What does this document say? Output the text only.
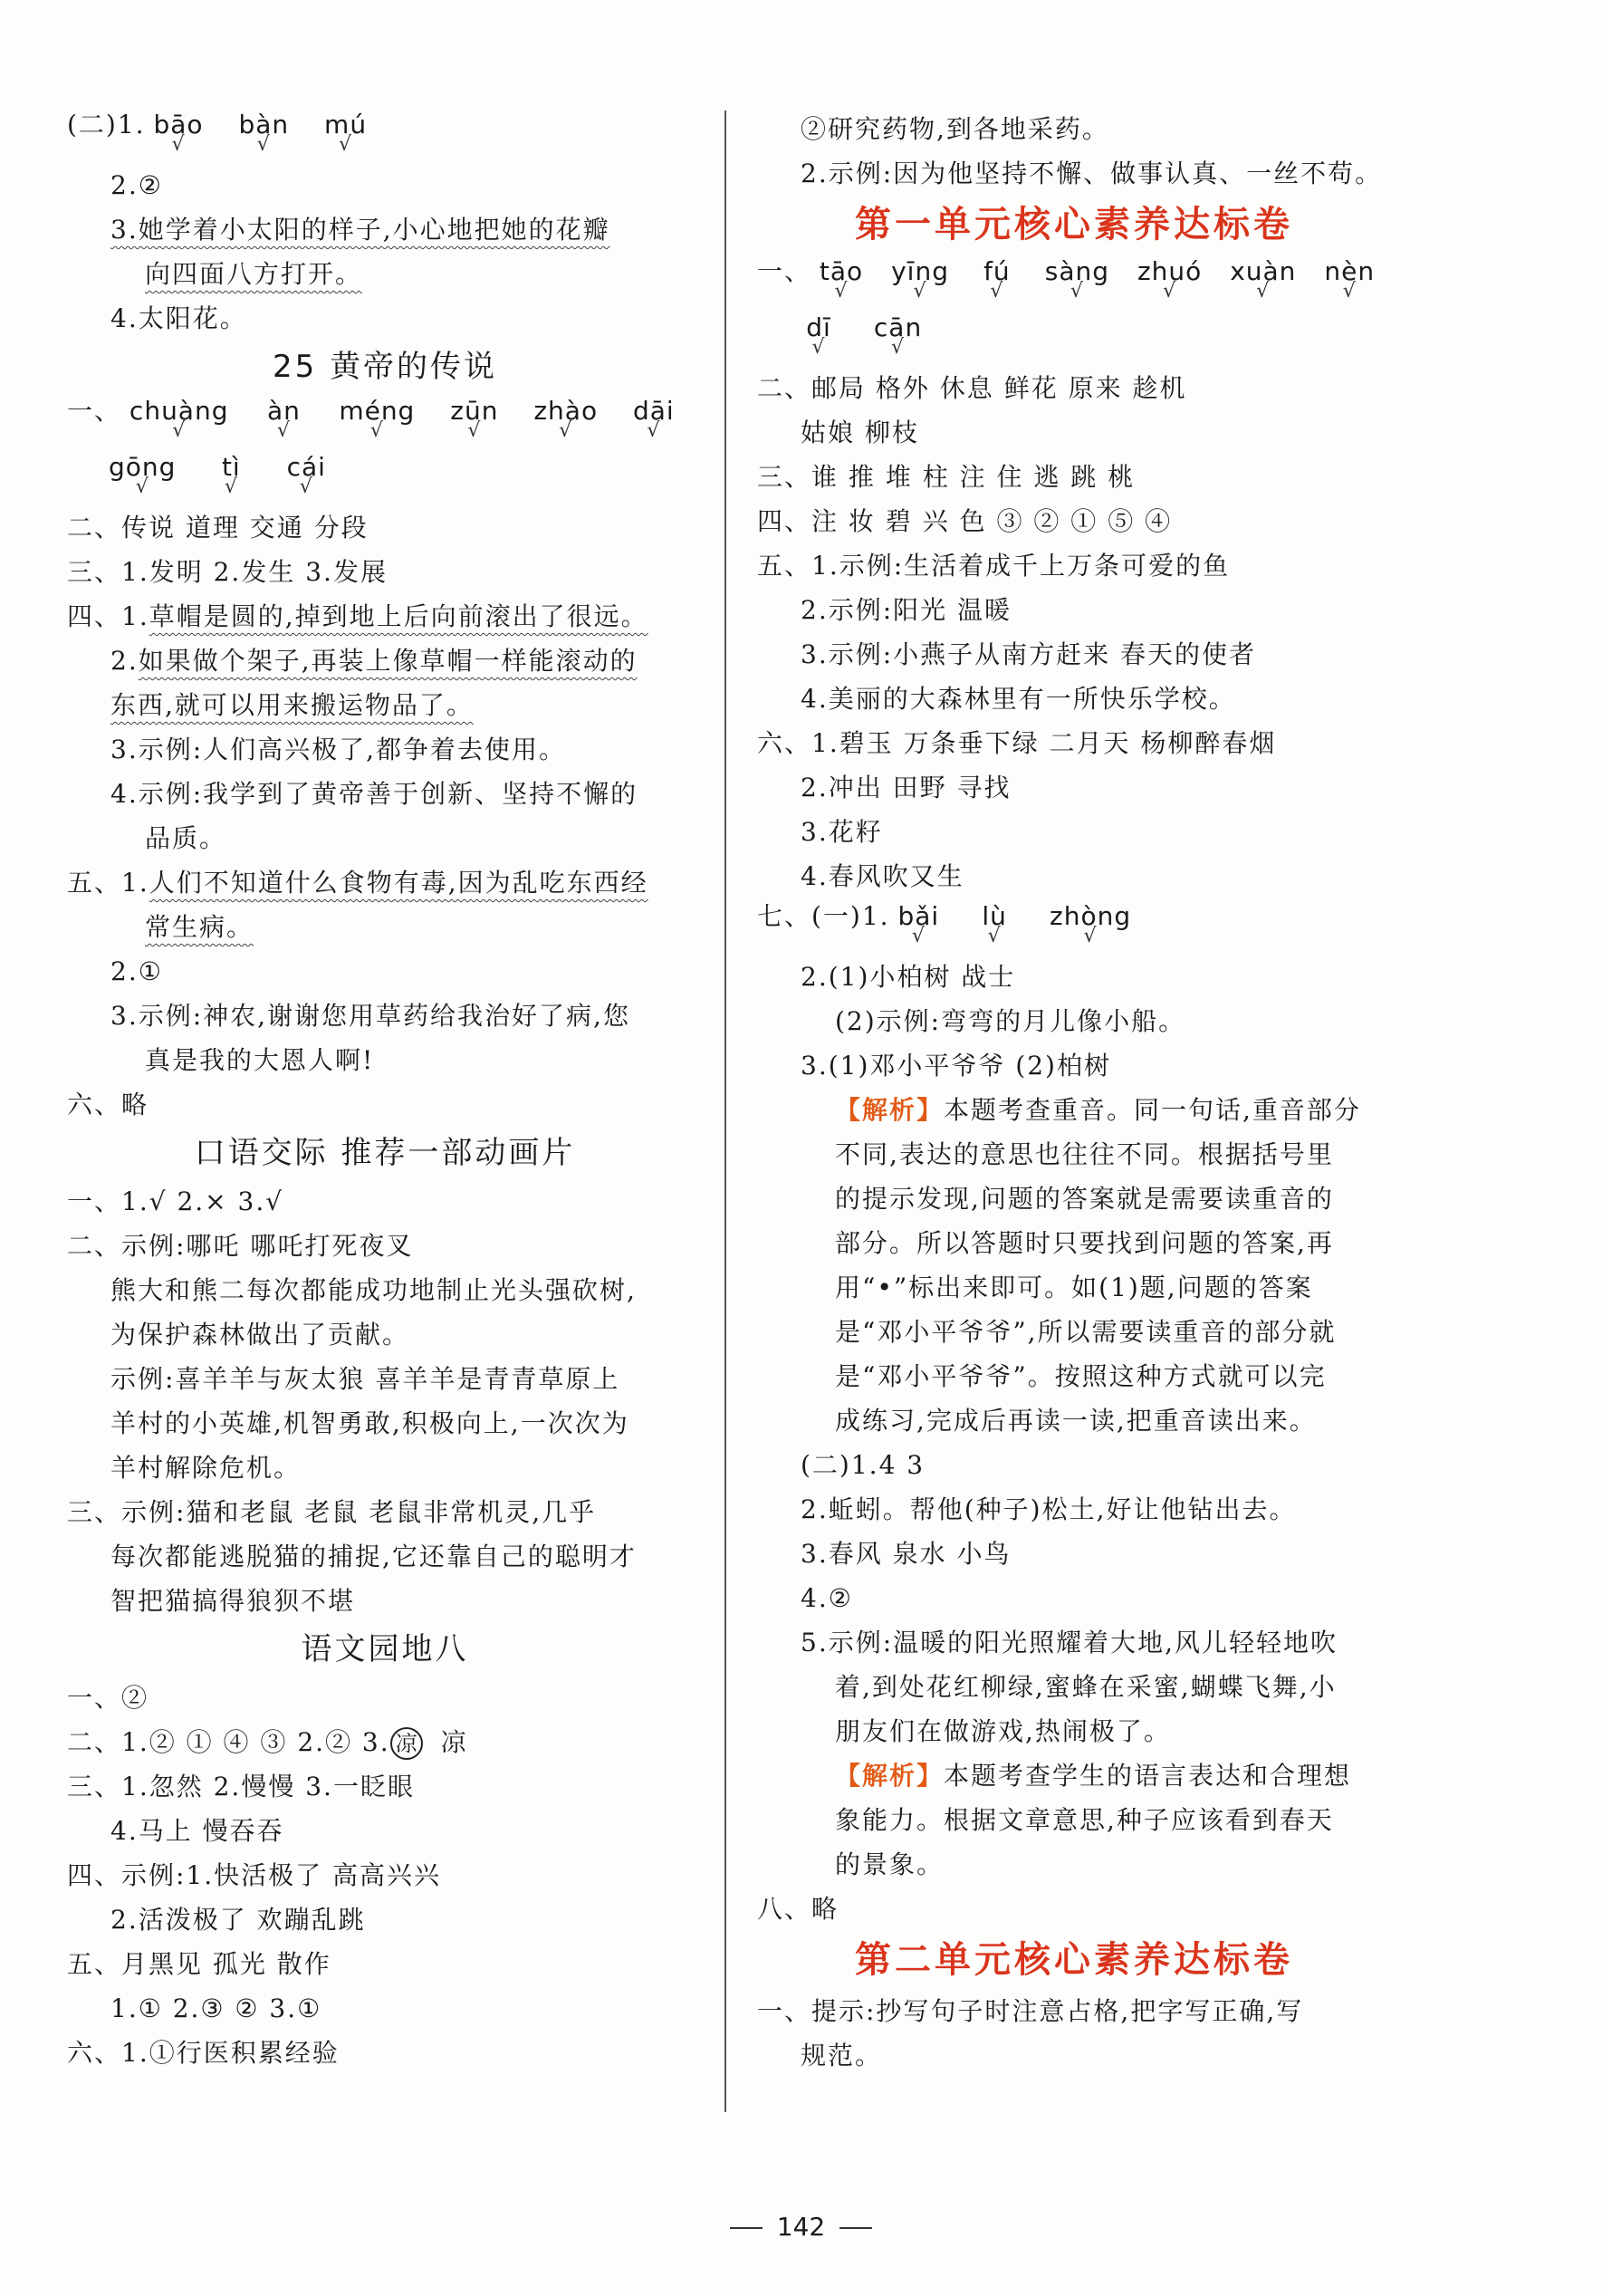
(二)1. bāo
√
bàn
√
mú
√
2.②
3.她学着小太阳的样子,小心地把她的花瓣
向四面八方打开。
4.太阳花。
25 黄帝的传说
一、 chuàng
√
àn
√
méng
√
zūn
√
zhào
√
dāi
√
gōng
√
tì
√
cái
√
二、传说 道理 交通 分段
三、1.发明 2.发生 3.发展
四、1.草帽是圆的,掉到地上后向前滚出了很远。
2.如果做个架子,再装上像草帽一样能滚动的
东西,就可以用来搬运物品了。
3.示例:人们高兴极了,都争着去使用。
4.示例:我学到了黄帝善于创新、坚持不懈的
品质。
五、1.人们不知道什么食物有毒,因为乱吃东西经
常生病。
2.①
3.示例:神农,谢谢您用草药给我治好了病,您
真是我的大恩人啊!
六、略
口语交际 推荐一部动画片
一、1.√ 2.× 3.√
二、示例:哪吒 哪吒打死夜叉
熊大和熊二每次都能成功地制止光头强砍树,
为保护森林做出了贡献。
示例:喜羊羊与灰太狼 喜羊羊是青青草原上
羊村的小英雄,机智勇敢,积极向上,一次次为
羊村解除危机。
三、示例:猫和老鼠 老鼠 老鼠非常机灵,几乎
每次都能逃脱猫的捕捉,它还靠自己的聪明才
智把猫搞得狼狈不堪
语文园地八
一、②
二、1.② ① ④ ③ 2.② 3. 凉 凉
三、1.忽然 2.慢慢 3.一眨眼
4.马上 慢吞吞
四、示例:1.快活极了 高高兴兴
2.活泼极了 欢蹦乱跳
五、月黑见 孤光 散作
1.① 2.③ ② 3.①
六、1.①行医积累经验
②研究药物,到各地采药。
2.示例:因为他坚持不懈、做事认真、一丝不苟。
第一单元核心素养达标卷
一、 tāo
√
yīng
√
fú
√
sàng
√
zhuó
√
xuàn
√
nèn
√
dī
√
cān
√
二、邮局 格外 休息 鲜花 原来 趁机
姑娘 柳枝
三、谁 推 堆 柱 注 住 逃 跳 桃
四、注 妆 碧 兴 色 ③ ② ① ⑤ ④
五、1.示例:生活着成千上万条可爱的鱼
2.示例:阳光 温暖
3.示例:小燕子从南方赶来 春天的使者
4.美丽的大森林里有一所快乐学校。
六、1.碧玉 万条垂下绿 二月天 杨柳醉春烟
2.冲出 田野 寻找
3.花籽
4.春风吹又生
七、(一)1. bǎi
√
lù
√
zhòng
√
2.(1)小柏树 战士
(2)示例:弯弯的月儿像小船。
3.(1)邓小平爷爷 (2)柏树
【解析】本题考查重音。同一句话,重音部分
不同,表达的意思也往往不同。根据括号里
的提示发现,问题的答案就是需要读重音的
部分。所以答题时只要找到问题的答案,再
用“•”标出来即可。如(1)题,问题的答案
是“邓小平爷爷”,所以需要读重音的部分就
是“邓小平爷爷”。按照这种方式就可以完
成练习,完成后再读一读,把重音读出来。
(二)1.4 3
2.蚯蚓。帮他(种子)松土,好让他钻出去。
3.春风 泉水 小鸟
4.②
5.示例:温暖的阳光照耀着大地,风儿轻轻地吹
着,到处花红柳绿,蜜蜂在采蜜,蝴蝶飞舞,小
朋友们在做游戏,热闹极了。
【解析】本题考查学生的语言表达和合理想
象能力。根据文章意思,种子应该看到春天
的景象。
八、略
第二单元核心素养达标卷
一、提示:抄写句子时注意占格,把字写正确,写
规范。
142
